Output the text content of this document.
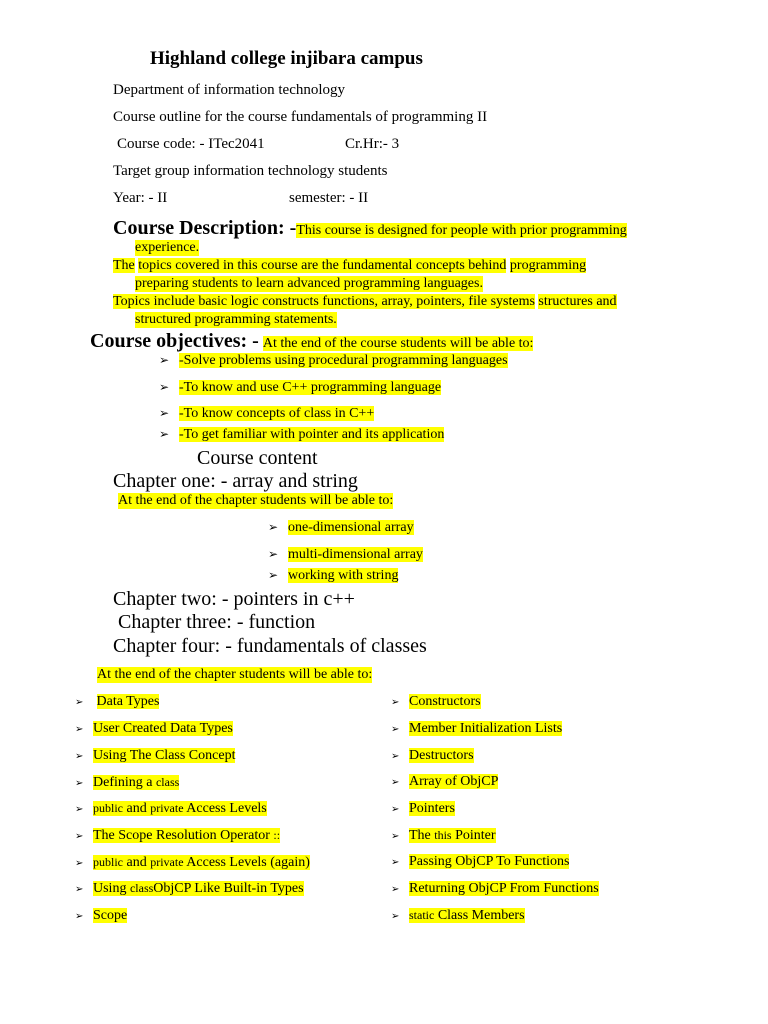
Highland college injibara campus
Department of information technology
Course outline for the course fundamentals of programming II
Course code: - ITec2041	Cr.Hr:- 3
Target group information technology students
Year: - II	semester: - II
Course Description: -This course is designed for people with prior programming
experience.
The topics covered in this course are the fundamental concepts behind programming
preparing students to learn advanced programming languages.
Topics include basic logic constructs functions, array, pointers, file systems structures and
structured programming statements.
Course objectives: - At the end of the course students will be able to:
➢ -Solve problems using procedural programming languages
➢ -To know and use C++ programming language
➢ -To know concepts of class in C++
➢ -To get familiar with pointer and its application
Course content
Chapter one: - array and string
At the end of the chapter students will be able to:
➢ one-dimensional array
➢ multi-dimensional array
➢ working with string
Chapter two: - pointers in c++
Chapter three: - function
Chapter four: - fundamentals of classes
At the end of the chapter students will be able to:
➢ Data Types
➢ User Created Data Types
➢ Using The Class Concept
➢ Defining a class
➢ public and private Access Levels
➢ The Scope Resolution Operator ::
➢ public and private Access Levels (again)
➢ Using classObjCP Like Built-in Types
➢ Scope
➢ Constructors
➢ Member Initialization Lists
➢ Destructors
➢ Array of ObjCP
➢ Pointers
➢ The this Pointer
➢ Passing ObjCP To Functions
➢ Returning ObjCP From Functions
➢ static Class Members
